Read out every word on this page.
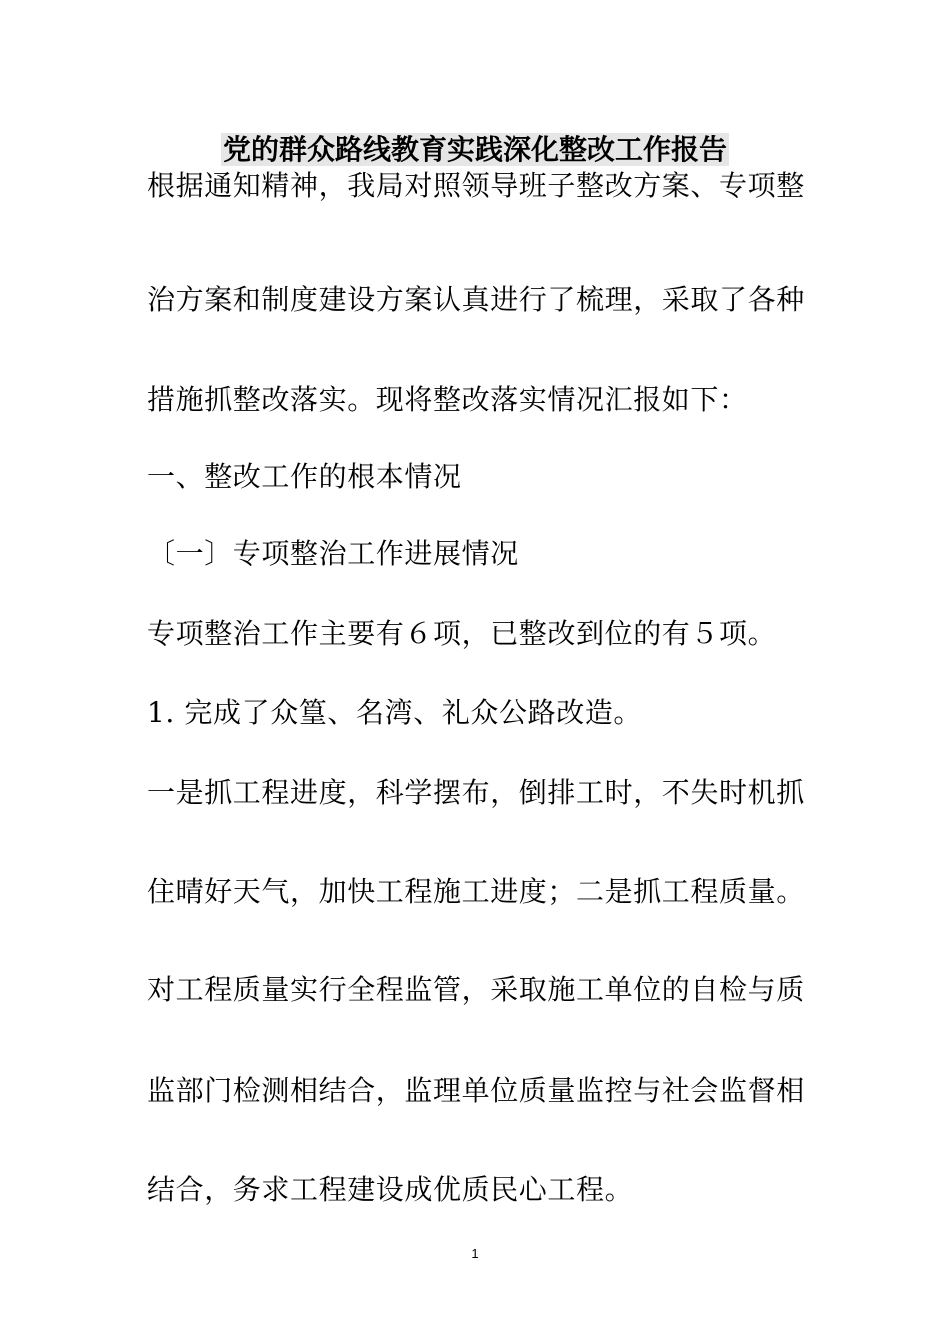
党的群众路线教育实践深化整改工作报告

根据通知精神，我局对照领导班子整改方案、专项整

治方案和制度建设方案认真进行了梳理，采取了各种

措施抓整改落实。现将整改落实情况汇报如下：

一、整改工作的根本情况

〔一〕专项整治工作进展情况

专项整治工作主要有６项，已整改到位的有５项。

1. 完成了众篁、名湾、礼众公路改造。

一是抓工程进度，科学摆布，倒排工时，不失时机抓

住晴好天气，加快工程施工进度；二是抓工程质量。

对工程质量实行全程监管，采取施工单位的自检与质

监部门检测相结合，监理单位质量监控与社会监督相

结合，务求工程建设成优质民心工程。

1
